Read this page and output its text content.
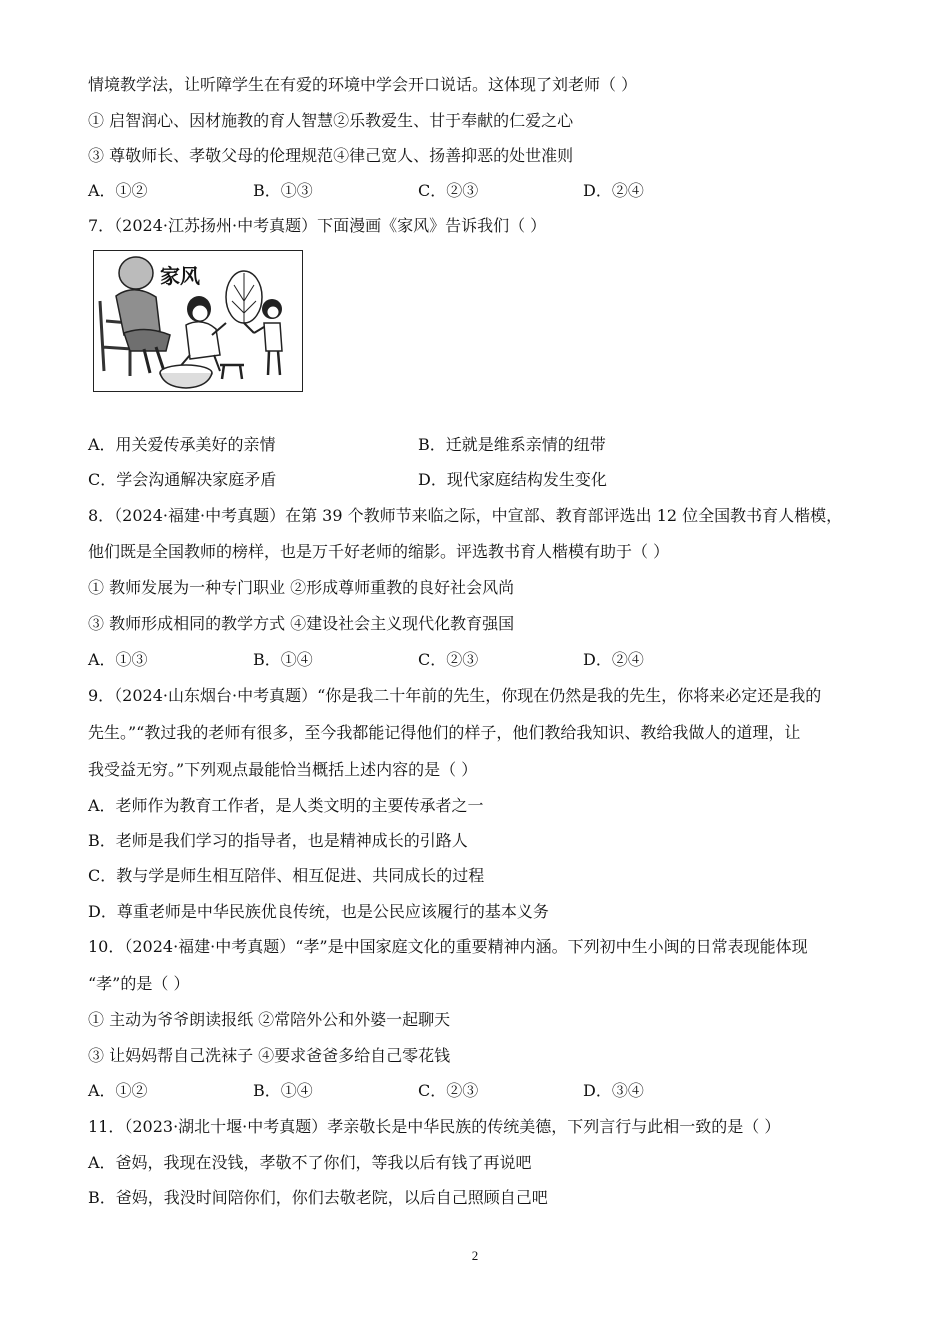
情境教学法，让听障学生在有爱的环境中学会开口说话。这体现了刘老师（ ）
① 启智润心、因材施教的育人智慧②乐教爱生、甘于奉献的仁爱之心
③ 尊敬师长、孝敬父母的伦理规范④律己宽人、扬善抑恶的处世准则
A．①②	B．①③	C．②③	D．②④
7．（2024·江苏扬州·中考真题）下面漫画《家风》告诉我们（ ）
家风
A．用关爱传承美好的亲情	B．迁就是维系亲情的纽带
C．学会沟通解决家庭矛盾	D．现代家庭结构发生变化
8．（2024·福建·中考真题）在第 39 个教师节来临之际，中宣部、教育部评选出 12 位全国教书育人楷模，
他们既是全国教师的榜样，也是万千好老师的缩影。评选教书育人楷模有助于（ ）
① 教师发展为一种专门职业 ②形成尊师重教的良好社会风尚
③ 教师形成相同的教学方式 ④建设社会主义现代化教育强国
A．①③	B．①④	C．②③	D．②④
9．（2024·山东烟台·中考真题）“你是我二十年前的先生，你现在仍然是我的先生，你将来必定还是我的
先生。”“教过我的老师有很多，至今我都能记得他们的样子，他们教给我知识、教给我做人的道理，让
我受益无穷。”下列观点最能恰当概括上述内容的是（ ）
A．老师作为教育工作者，是人类文明的主要传承者之一
B．老师是我们学习的指导者，也是精神成长的引路人
C．教与学是师生相互陪伴、相互促进、共同成长的过程
D．尊重老师是中华民族优良传统，也是公民应该履行的基本义务
10．（2024·福建·中考真题）“孝”是中国家庭文化的重要精神内涵。下列初中生小闽的日常表现能体现
“孝”的是（ ）
① 主动为爷爷朗读报纸 ②常陪外公和外婆一起聊天
③ 让妈妈帮自己洗袜子 ④要求爸爸多给自己零花钱
A．①②	B．①④	C．②③	D．③④
11．（2023·湖北十堰·中考真题）孝亲敬长是中华民族的传统美德，下列言行与此相一致的是（ ）
A．爸妈，我现在没钱，孝敬不了你们，等我以后有钱了再说吧
B．爸妈，我没时间陪你们，你们去敬老院，以后自己照顾自己吧
2
